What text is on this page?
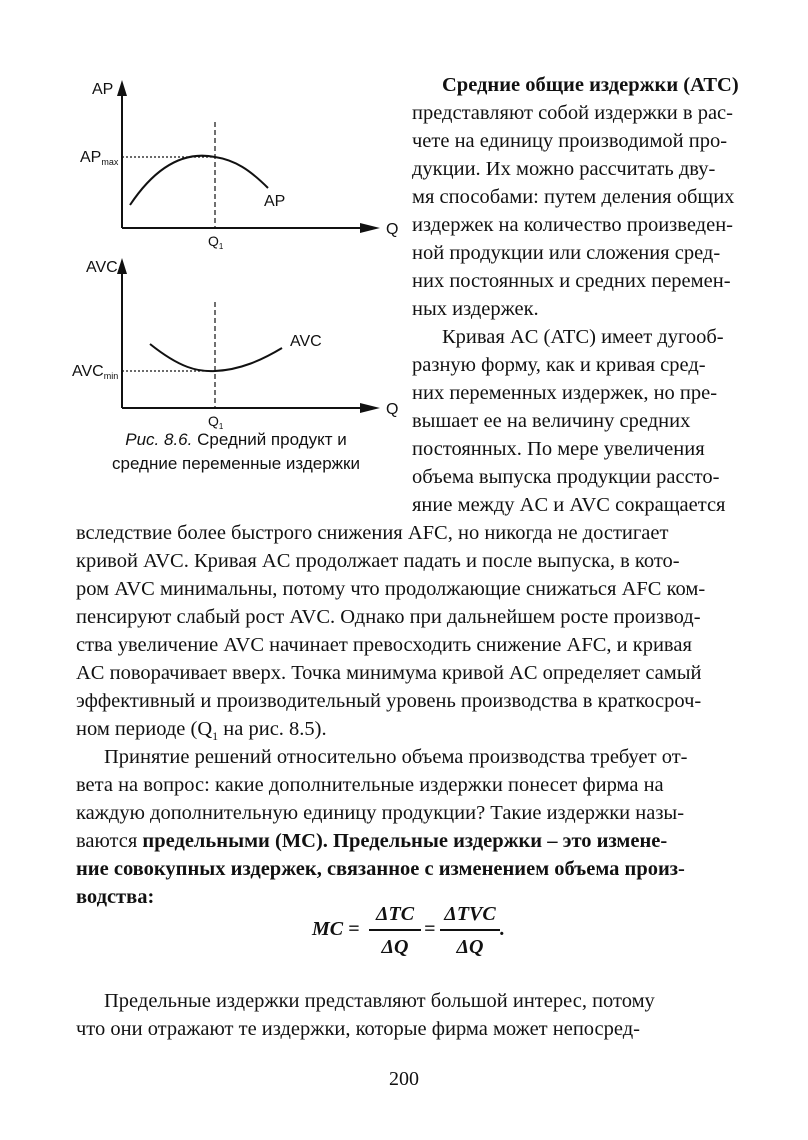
AP
APmax
AP
Q
$Q_1$
AVC
AVC
AVCmin
Q
$Q_1$
Рис. 8.6. Средний продукт и
средние переменные издержки
Средние общие издержки (ATC)
представляют собой издержки в рас-
чете на единицу производимой про-
дукции. Их можно рассчитать дву-
мя способами: путем деления общих
издержек на количество произведен-
ной продукции или сложения сред-
них постоянных и средних перемен-
ных издержек.
Кривая AC (ATC) имеет дугооб-
разную форму, как и кривая сред-
них переменных издержек, но пре-
вышает ее на величину средних
постоянных. По мере увеличения
объема выпуска продукции рассто-
яние между AC и AVC сокращается
вследствие более быстрого снижения AFC, но никогда не достигает
кривой AVC. Кривая AC продолжает падать и после выпуска, в кото-
ром AVC минимальны, потому что продолжающие снижаться AFC ком-
пенсируют слабый рост AVC. Однако при дальнейшем росте производ-
ства увеличение AVC начинает превосходить снижение AFC, и кривая
AC поворачивает вверх. Точка минимума кривой AC определяет самый
эффективный и производительный уровень производства в краткосроч-
ном периоде ($Q_1$ на рис. 8.5).
Принятие решений относительно объема производства требует от-
вета на вопрос: какие дополнительные издержки понесет фирма на
каждую дополнительную единицу продукции? Такие издержки назы-
ваются предельными (MC). Предельные издержки – это измене-
ние совокупных издержек, связанное с изменением объема произ-
водства:
MC =
ΔTC
ΔQ
=
ΔTVC
ΔQ
.
Предельные издержки представляют большой интерес, потому
что они отражают те издержки, которые фирма может непосред-
200
